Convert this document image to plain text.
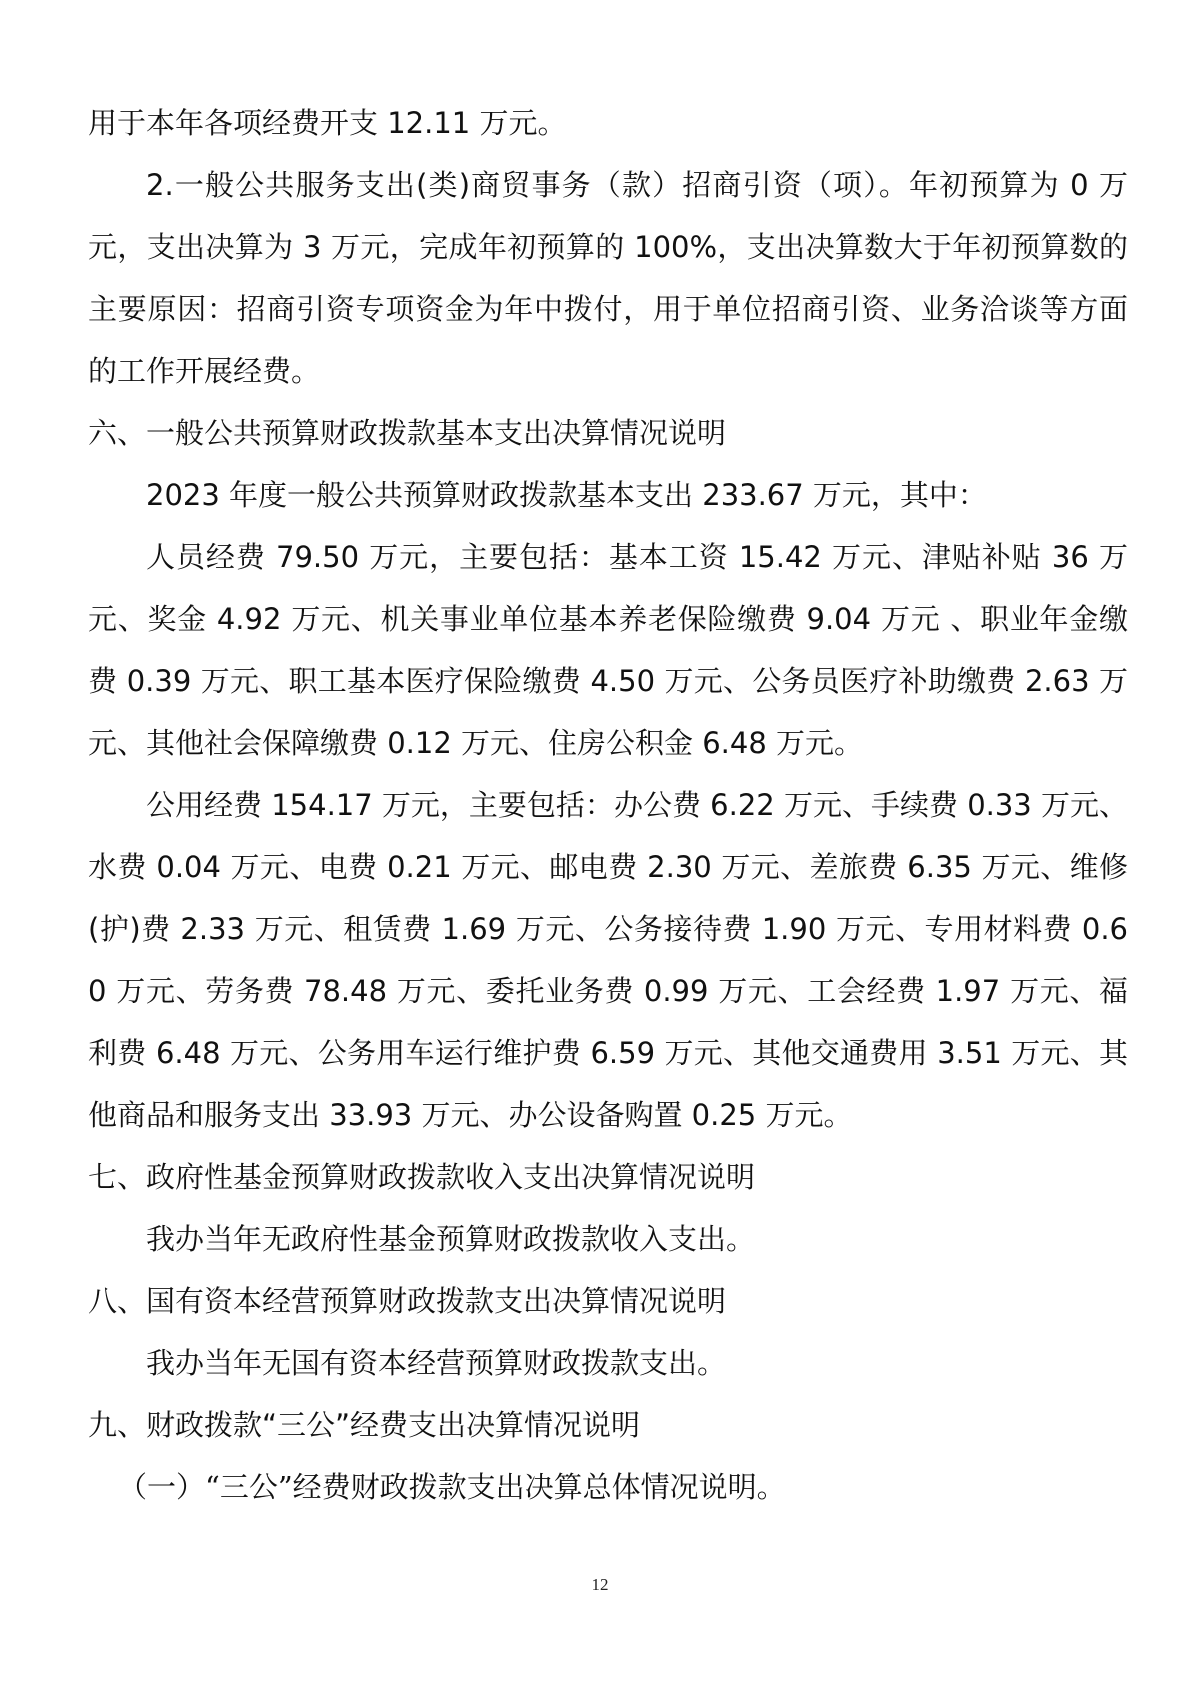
用于本年各项经费开支 12.11 万元。

2.一般公共服务支出(类)商贸事务（款）招商引资（项）。年初预算为 0 万元，支出决算为 3 万元，完成年初预算的 100%，支出决算数大于年初预算数的主要原因：招商引资专项资金为年中拨付，用于单位招商引资、业务洽谈等方面的工作开展经费。

六、一般公共预算财政拨款基本支出决算情况说明

2023 年度一般公共预算财政拨款基本支出 233.67 万元，其中：

人员经费 79.50 万元，主要包括：基本工资 15.42 万元、津贴补贴 36 万元、奖金 4.92 万元、机关事业单位基本养老保险缴费 9.04 万元 、职业年金缴费 0.39 万元、职工基本医疗保险缴费 4.50 万元、公务员医疗补助缴费 2.63 万元、其他社会保障缴费 0.12 万元、住房公积金 6.48 万元。

公用经费 154.17 万元，主要包括：办公费 6.22 万元、手续费 0.33 万元、水费 0.04 万元、电费 0.21 万元、邮电费 2.30 万元、差旅费 6.35 万元、维修(护)费 2.33 万元、租赁费 1.69 万元、公务接待费 1.90 万元、专用材料费 0.60 万元、劳务费 78.48 万元、委托业务费 0.99 万元、工会经费 1.97 万元、福利费 6.48 万元、公务用车运行维护费 6.59 万元、其他交通费用 3.51 万元、其他商品和服务支出 33.93 万元、办公设备购置 0.25 万元。

七、政府性基金预算财政拨款收入支出决算情况说明

我办当年无政府性基金预算财政拨款收入支出。

八、国有资本经营预算财政拨款支出决算情况说明

我办当年无国有资本经营预算财政拨款支出。

九、财政拨款“三公”经费支出决算情况说明

（一）“三公”经费财政拨款支出决算总体情况说明。

12
